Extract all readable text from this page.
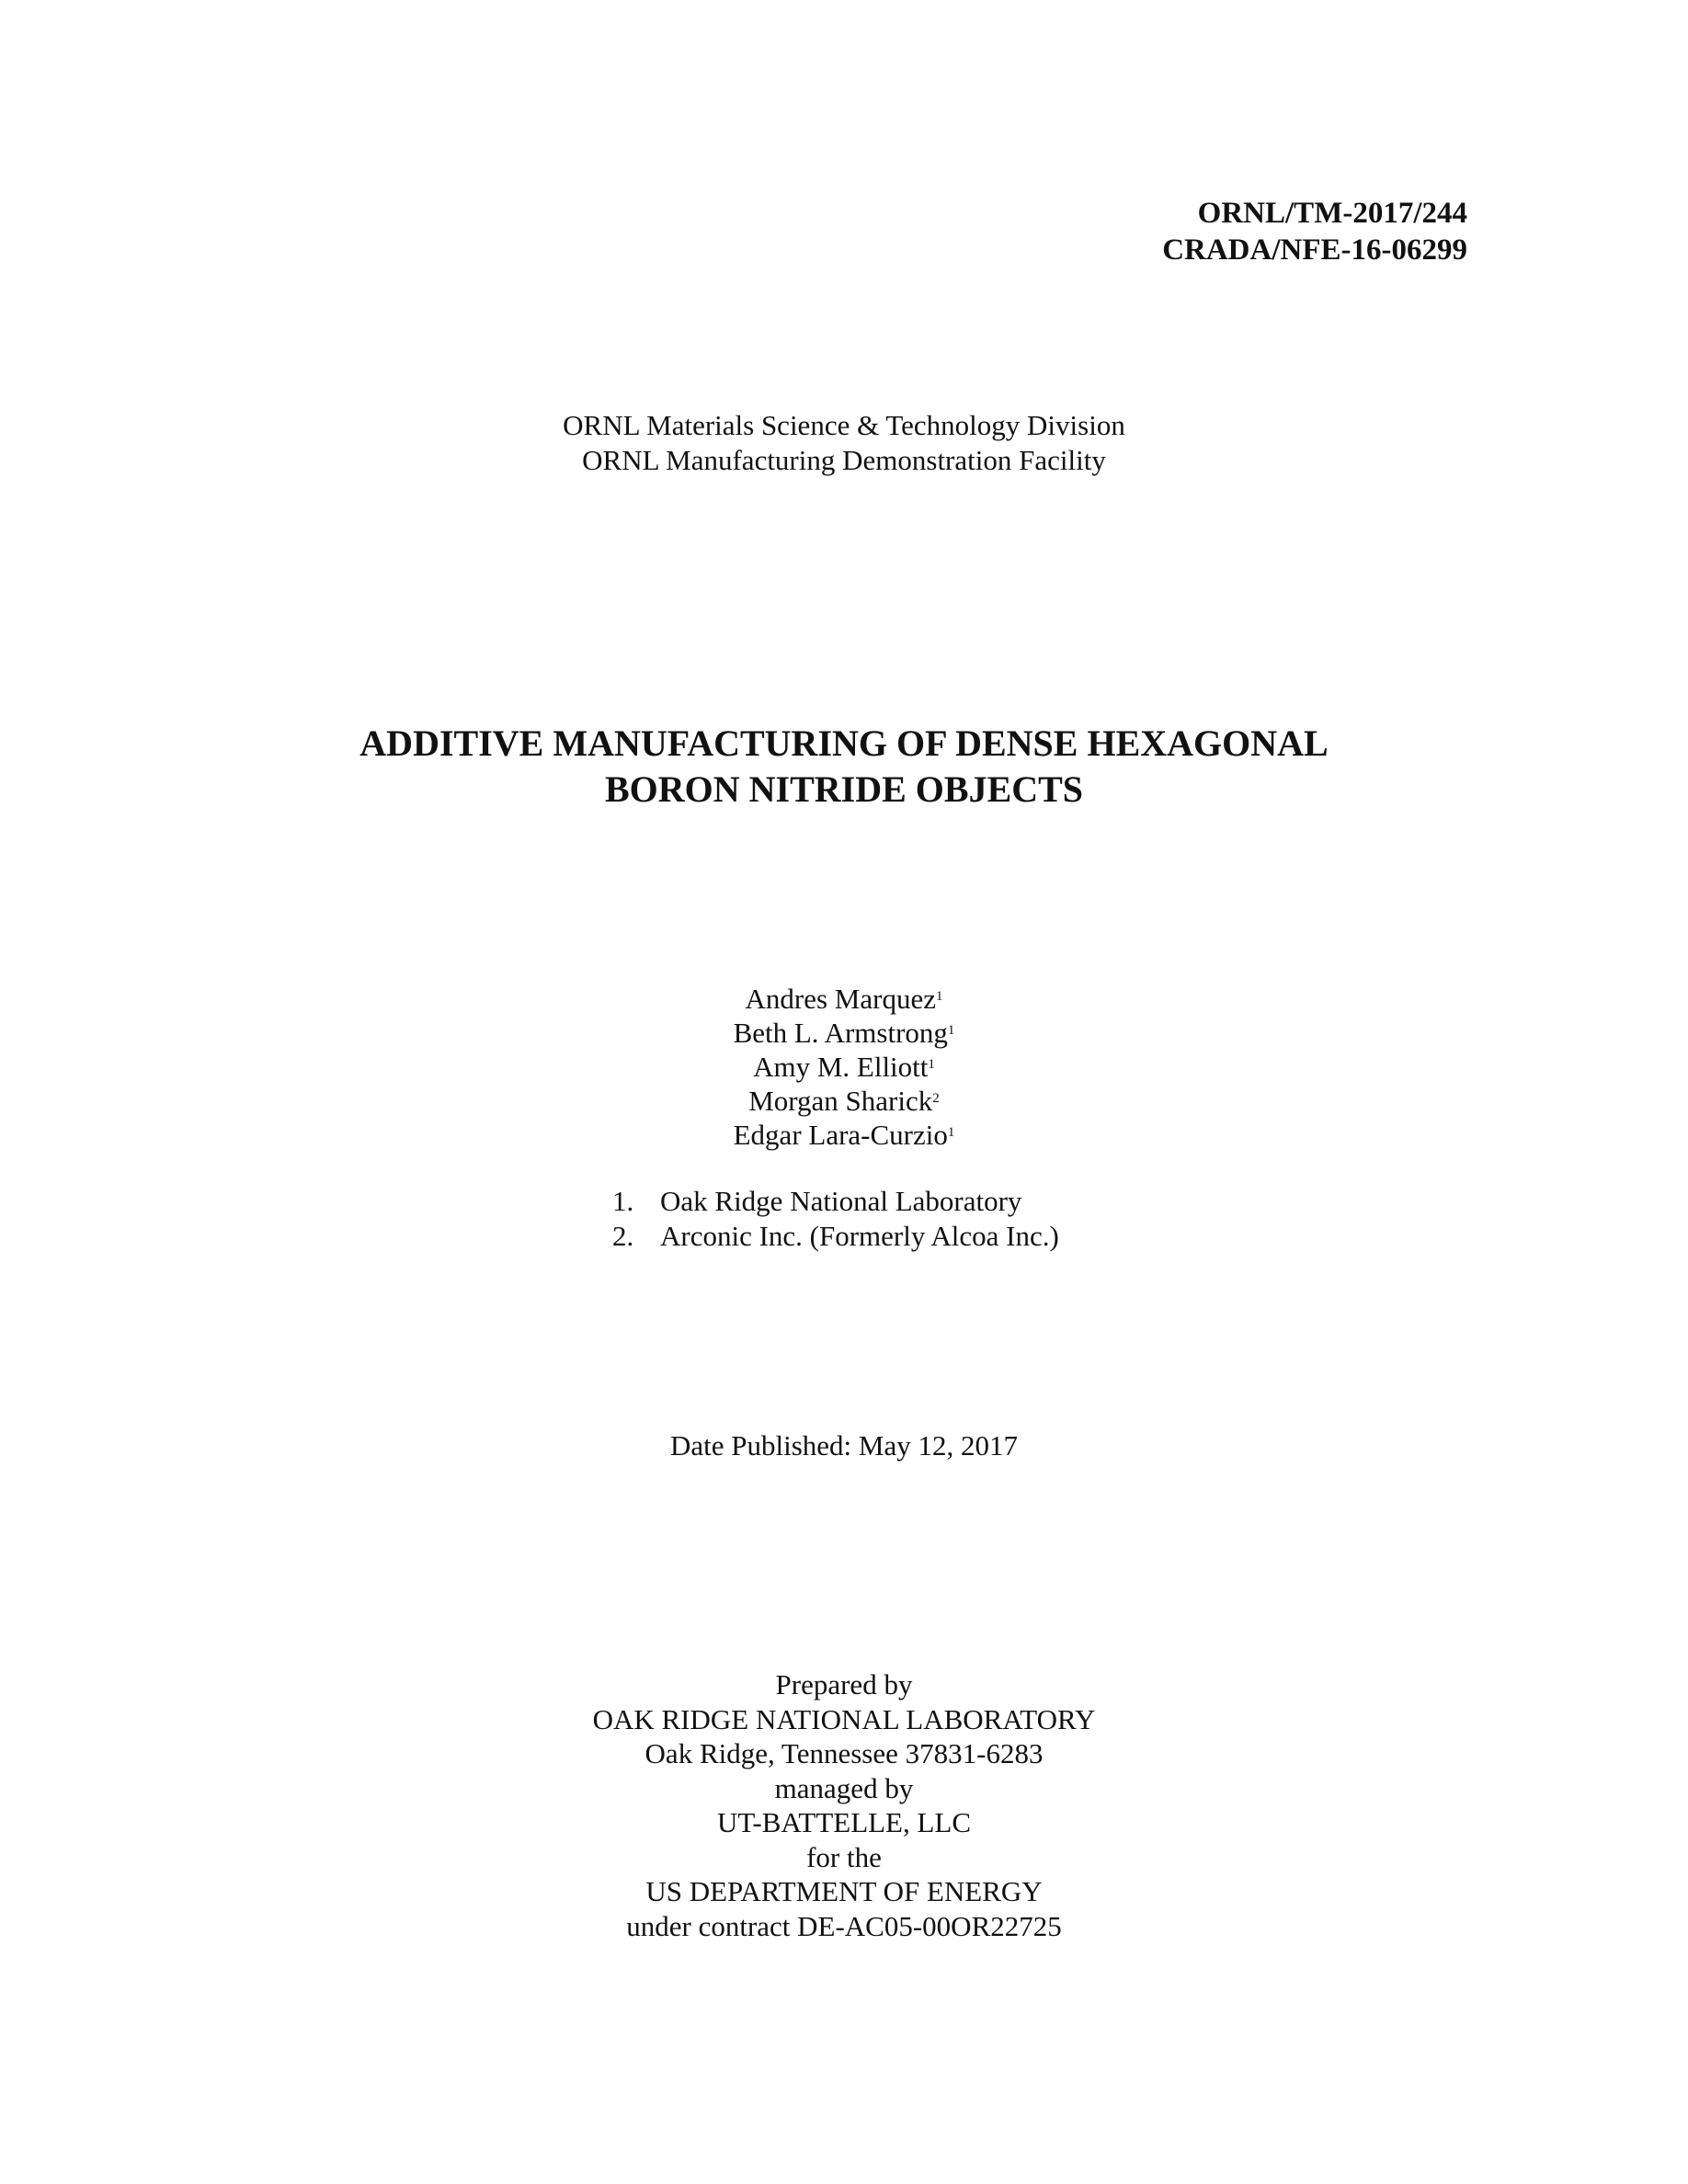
ORNL/TM-2017/244
CRADA/NFE-16-06299
ORNL Materials Science & Technology Division
ORNL Manufacturing Demonstration Facility
ADDITIVE MANUFACTURING OF DENSE HEXAGONAL
BORON NITRIDE OBJECTS
Andres Marquez$^1$
Beth L. Armstrong$^1$
Amy M. Elliott$^1$
Morgan Sharick$^2$
Edgar Lara-Curzio$^1$
1. Oak Ridge National Laboratory
2. Arconic Inc. (Formerly Alcoa Inc.)
Date Published: May 12, 2017
Prepared by
OAK RIDGE NATIONAL LABORATORY
Oak Ridge, Tennessee 37831-6283
managed by
UT-BATTELLE, LLC
for the
US DEPARTMENT OF ENERGY
under contract DE-AC05-00OR22725
